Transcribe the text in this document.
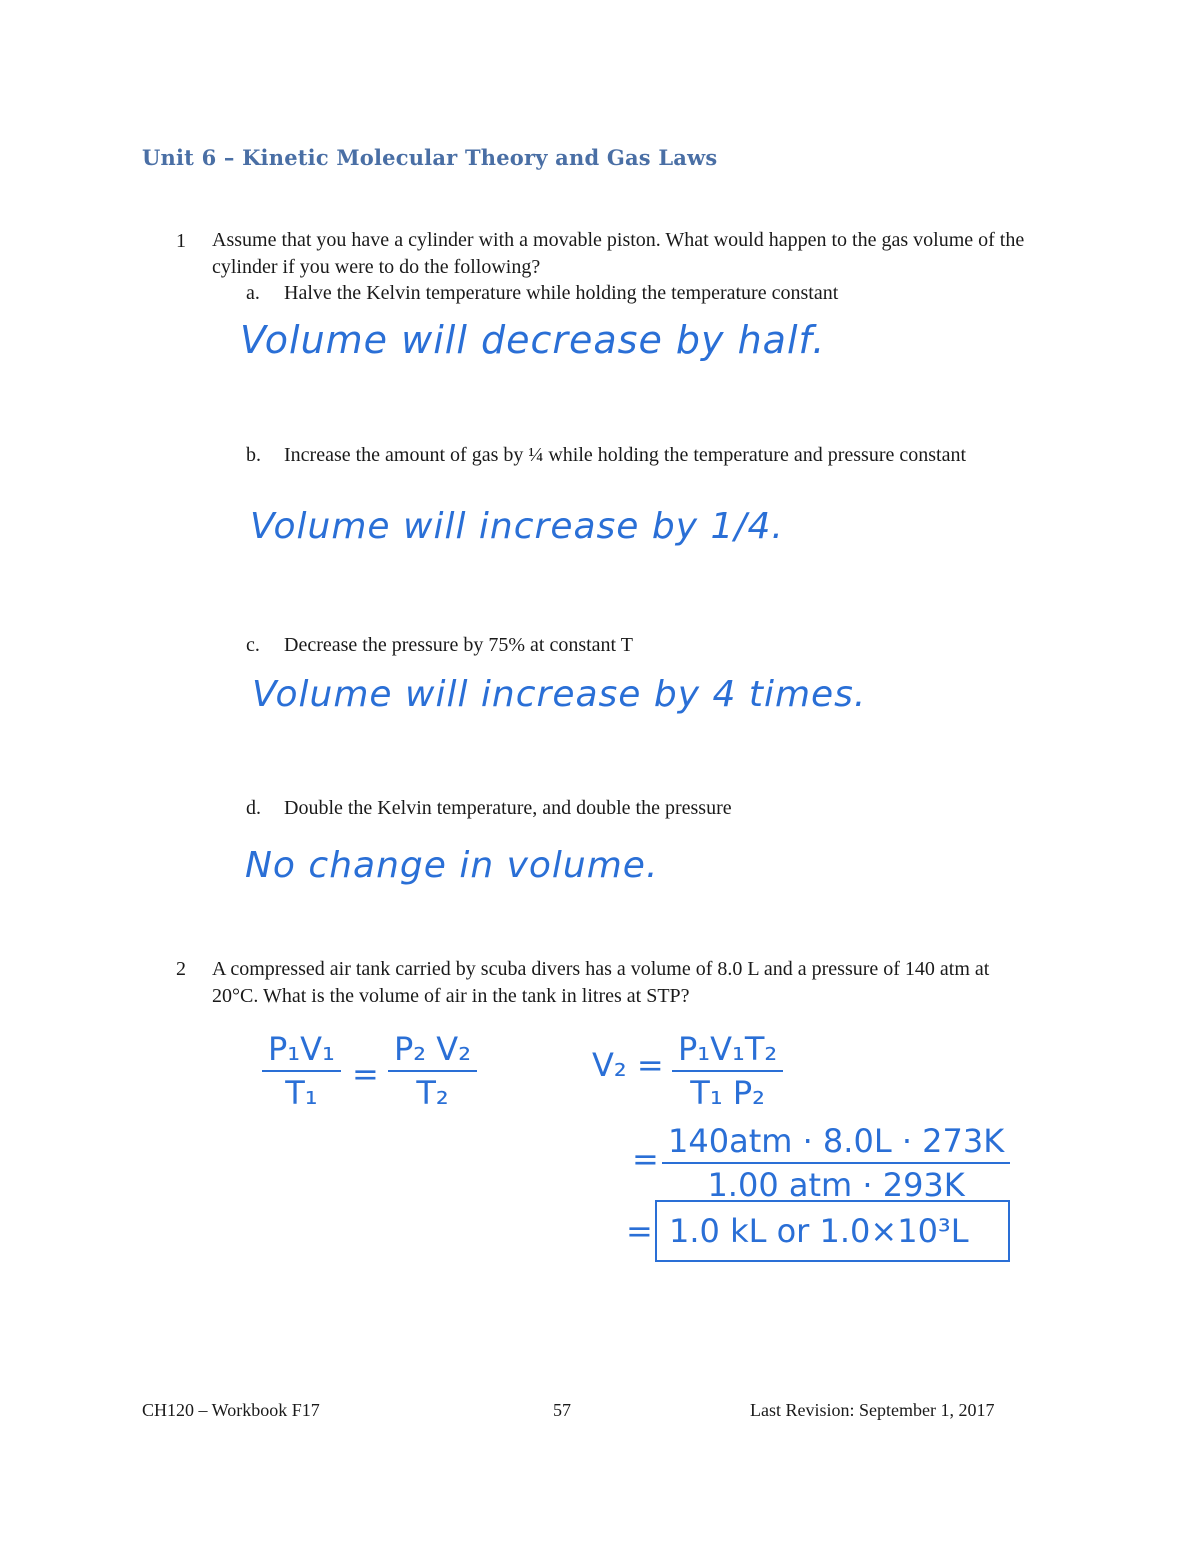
Unit 6 – Kinetic Molecular Theory and Gas Laws
1 Assume that you have a cylinder with a movable piston. What would happen to the gas volume of the cylinder if you were to do the following?
a. Halve the Kelvin temperature while holding the temperature constant
Volume will decrease by half.
b. Increase the amount of gas by ¼ while holding the temperature and pressure constant
Volume will increase by 1/4.
c. Decrease the pressure by 75% at constant T
Volume will increase by 4 times.
d. Double the Kelvin temperature, and double the pressure
No change in volume.
2 A compressed air tank carried by scuba divers has a volume of 8.0 L and a pressure of 140 atm at 20°C. What is the volume of air in the tank in litres at STP?
$\frac{\text{P₁V₁}}{\text{T₁}} = \frac{\text{P₂ V₂}}{\text{T₂}}$	$V_2 = \frac{\text{P₁V₁T₂}}{\text{T₁ P₂}}$
= 140atm · 8.0L · 273K
1.00 atm · 293K
= 1.0 kL or 1.0×10³L
CH120 – Workbook F17	57	Last Revision: September 1, 2017
